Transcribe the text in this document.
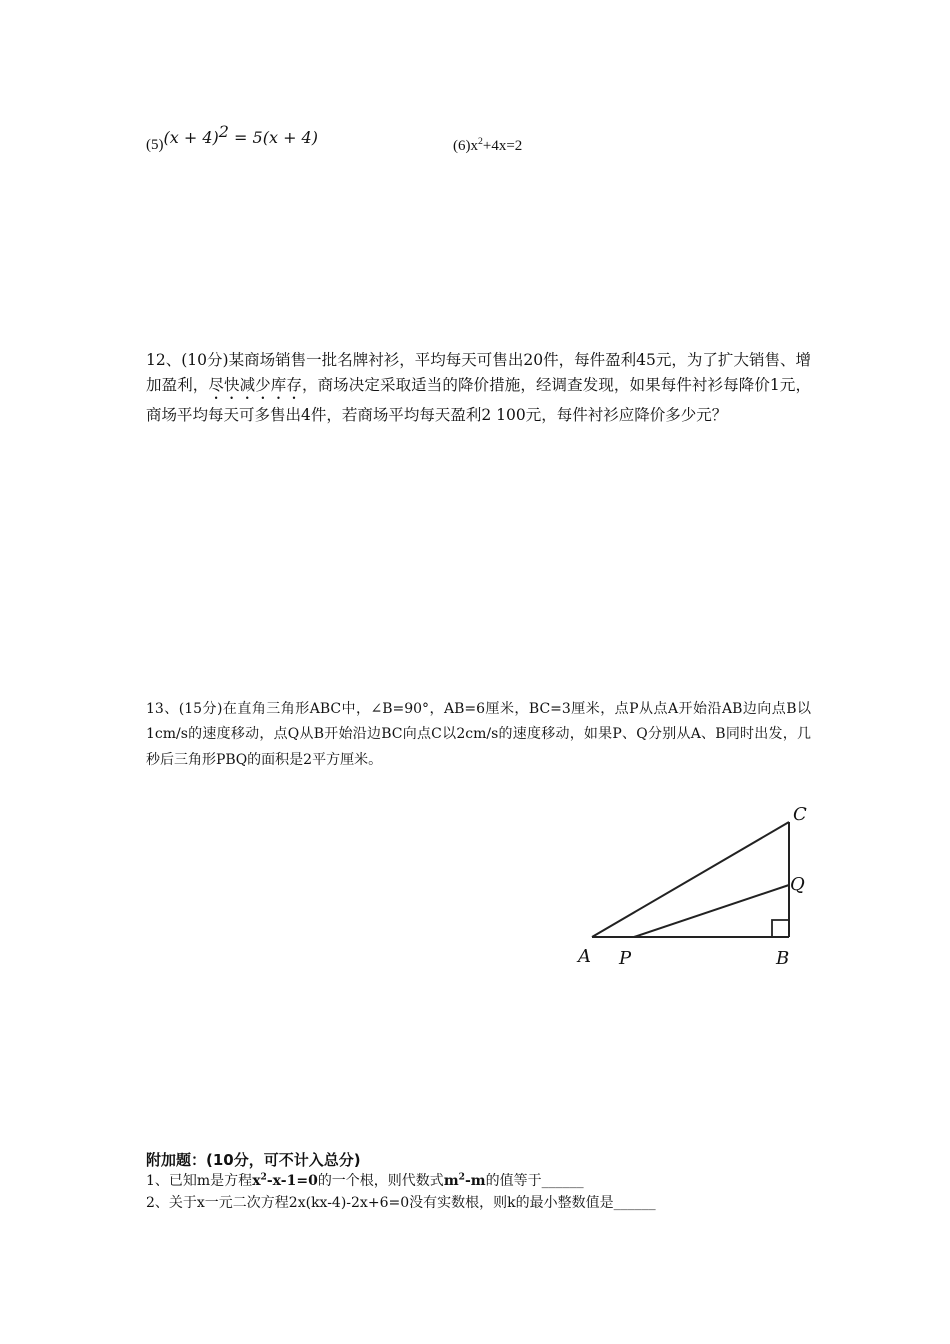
$(5)(x + 4)^2 = 5(x + 4)$	$(6)x^2+4x=2$
12、(10分)某商场销售一批名牌衬衫，平均每天可售出20件，每件盈利45元，为了扩大销售、增加盈利，尽快减少库存，商场决定采取适当的降价措施，经调查发现，如果每件衬衫每降价1元，商场平均每天可多售出4件，若商场平均每天盈利2 100元，每件衬衫应降价多少元？
13、(15分)在直角三角形ABC中，∠B=90°，AB=6厘米，BC=3厘米，点P从点A开始沿AB边向点B以1cm/s的速度移动，点Q从B开始沿边BC向点C以2cm/s的速度移动，如果P、Q分别从A、B同时出发，几秒后三角形PBQ的面积是2平方厘米。
A P	B
C
Q
附加题：(10分，可不计入总分)
1、已知m是方程$x^2-x-1=0$的一个根，则代数式$m^2-m$的值等于______
2、关于x一元二次方程2x(kx-4)-2x+6=0没有实数根，则k的最小整数值是______
